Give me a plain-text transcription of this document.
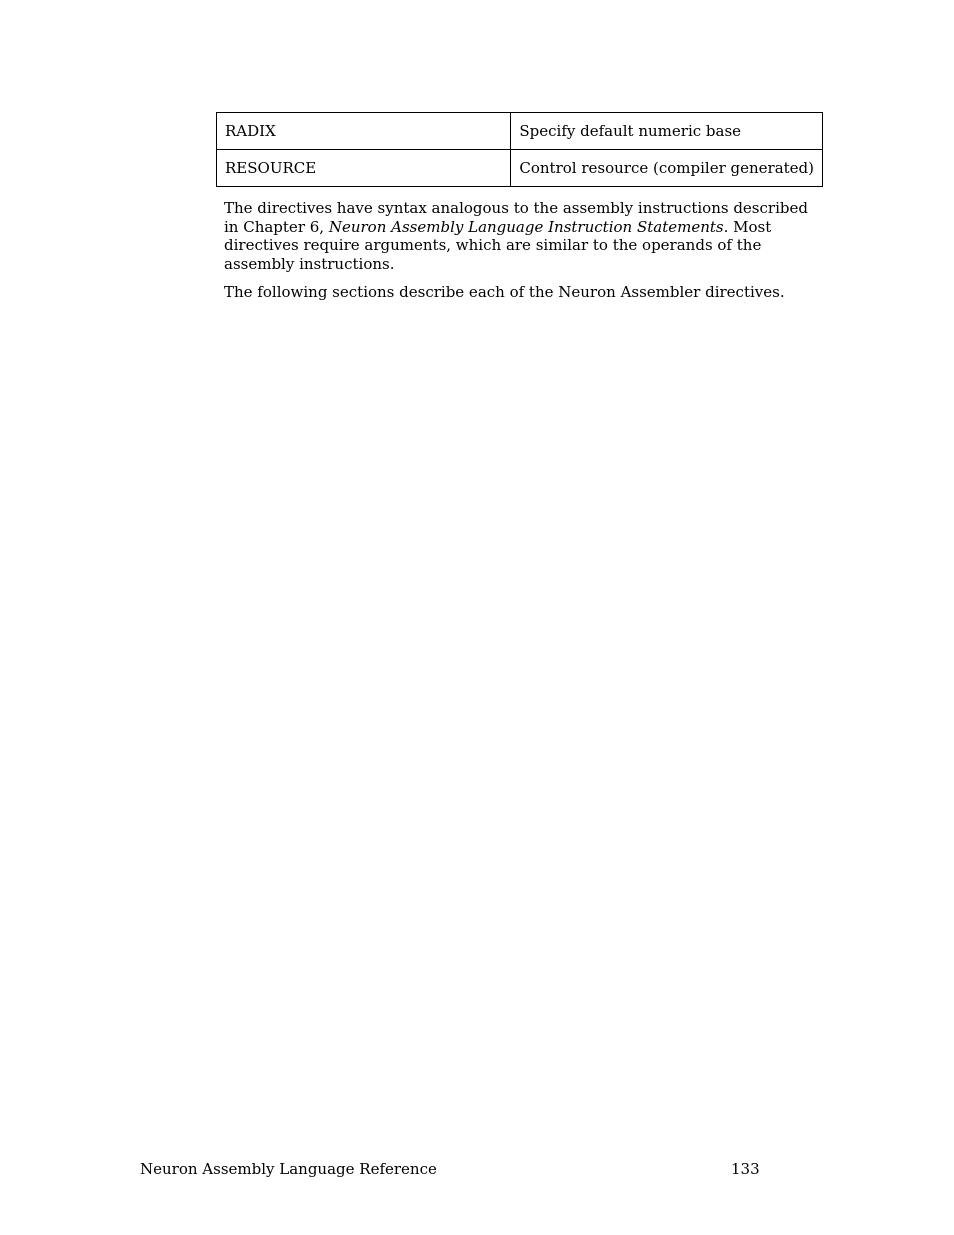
RADIX	Specify default numeric base
RESOURCE	Control resource (compiler generated)

The directives have syntax analogous to the assembly instructions described in Chapter 6, Neuron Assembly Language Instruction Statements. Most directives require arguments, which are similar to the operands of the assembly instructions.

The following sections describe each of the Neuron Assembler directives.

Neuron Assembly Language Reference	133
